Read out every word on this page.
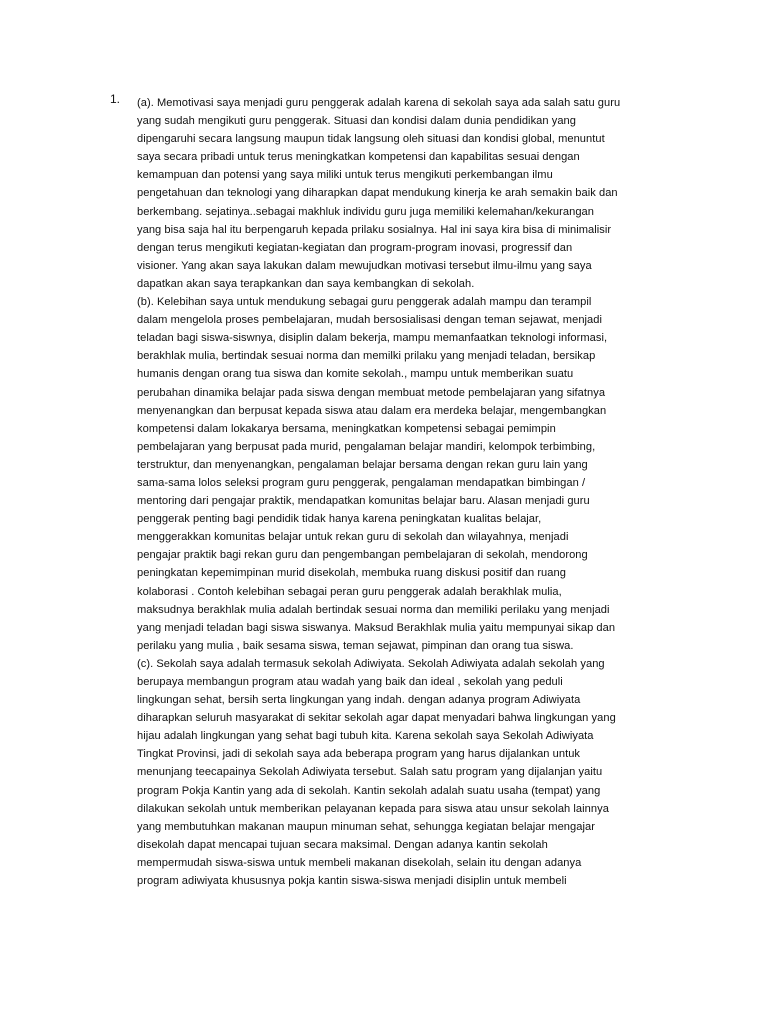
1. (a). Memotivasi saya menjadi guru penggerak adalah karena di sekolah saya ada salah satu guru
yang sudah mengikuti guru penggerak. Situasi dan kondisi dalam dunia pendidikan yang
dipengaruhi secara langsung maupun tidak langsung oleh situasi dan kondisi global, menuntut
saya secara pribadi untuk terus meningkatkan kompetensi dan kapabilitas sesuai dengan
kemampuan dan potensi yang saya miliki untuk terus mengikuti perkembangan ilmu
pengetahuan dan teknologi yang diharapkan dapat mendukung kinerja ke arah semakin baik dan
berkembang. sejatinya..sebagai makhluk individu guru juga memiliki kelemahan/kekurangan
yang bisa saja hal itu berpengaruh kepada prilaku sosialnya. Hal ini saya kira bisa di minimalisir
dengan terus mengikuti kegiatan-kegiatan dan program-program inovasi, progressif dan
visioner. Yang akan saya lakukan dalam mewujudkan motivasi tersebut ilmu-ilmu yang saya
dapatkan akan saya terapkankan dan saya kembangkan di sekolah.
(b). Kelebihan saya untuk mendukung sebagai guru penggerak adalah mampu dan terampil
dalam mengelola proses pembelajaran, mudah bersosialisasi dengan teman sejawat, menjadi
teladan bagi siswa-siswnya, disiplin dalam bekerja, mampu memanfaatkan teknologi informasi,
berakhlak mulia, bertindak sesuai norma dan memilki prilaku yang menjadi teladan, bersikap
humanis dengan orang tua siswa dan komite sekolah., mampu untuk memberikan suatu
perubahan dinamika belajar pada siswa dengan membuat metode pembelajaran yang sifatnya
menyenangkan dan berpusat kepada siswa atau dalam era merdeka belajar, mengembangkan
kompetensi dalam lokakarya bersama, meningkatkan kompetensi sebagai pemimpin
pembelajaran yang berpusat pada murid, pengalaman belajar mandiri, kelompok terbimbing,
terstruktur, dan menyenangkan, pengalaman belajar bersama dengan rekan guru lain yang
sama-sama lolos seleksi program guru penggerak, pengalaman mendapatkan bimbingan /
mentoring dari pengajar praktik, mendapatkan komunitas belajar baru. Alasan menjadi guru
penggerak penting bagi pendidik tidak hanya karena peningkatan kualitas belajar,
menggerakkan komunitas belajar untuk rekan guru di sekolah dan wilayahnya, menjadi
pengajar praktik bagi rekan guru dan pengembangan pembelajaran di sekolah, mendorong
peningkatan kepemimpinan murid disekolah, membuka ruang diskusi positif dan ruang
kolaborasi . Contoh kelebihan sebagai peran guru penggerak adalah berakhlak mulia,
maksudnya berakhlak mulia adalah bertindak sesuai norma dan memiliki perilaku yang menjadi
yang menjadi teladan bagi siswa siswanya. Maksud Berakhlak mulia yaitu mempunyai sikap dan
perilaku yang mulia , baik sesama siswa, teman sejawat, pimpinan dan orang tua siswa.
(c). Sekolah saya adalah termasuk sekolah Adiwiyata. Sekolah Adiwiyata adalah sekolah yang
berupaya membangun program atau wadah yang baik dan ideal , sekolah yang peduli
lingkungan sehat, bersih serta lingkungan yang indah. dengan adanya program Adiwiyata
diharapkan seluruh masyarakat di sekitar sekolah agar dapat menyadari bahwa lingkungan yang
hijau adalah lingkungan yang sehat bagi tubuh kita. Karena sekolah saya Sekolah Adiwiyata
Tingkat Provinsi, jadi di sekolah saya ada beberapa program yang harus dijalankan untuk
menunjang teecapainya Sekolah Adiwiyata tersebut. Salah satu program yang dijalanjan yaitu
program Pokja Kantin yang ada di sekolah. Kantin sekolah adalah suatu usaha (tempat) yang
dilakukan sekolah untuk memberikan pelayanan kepada para siswa atau unsur sekolah lainnya
yang membutuhkan makanan maupun minuman sehat, sehungga kegiatan belajar mengajar
disekolah dapat mencapai tujuan secara maksimal. Dengan adanya kantin sekolah
mempermudah siswa-siswa untuk membeli makanan disekolah, selain itu dengan adanya
program adiwiyata khususnya pokja kantin siswa-siswa menjadi disiplin untuk membeli
